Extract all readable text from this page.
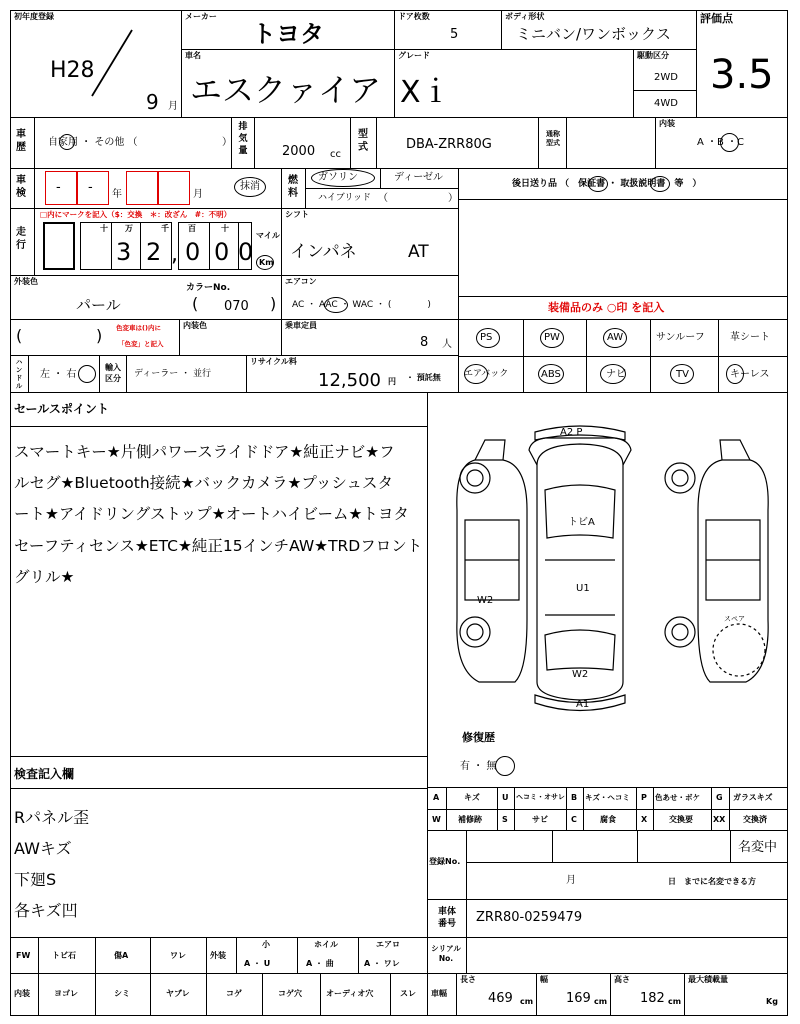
初年度登録
H28
9 月
メーカー
トヨタ
車名
エスクァイア
ドア枚数
5
ボディ形状
ミニバン/ワンボックス
グレード
Xｉ
駆動区分
2WD
4WD
評価点
3.5
車
歴 自家用 ・ その他 （	）
排
気
量	2000 cc
型
式	DBA-ZRR80G
通称
型式
内装
A ・B ・C
車
検 - - 年	月
抹消
燃
料
ガソリン	ディーゼル
ハイブリッド （　　　　　　）
後日送り品 （　保証書 ・ 取扱説明書　等　）
走
行
□内にマークを記入（$：交換　＊：改ざん　#：不明）
十 万	千 百	十
3 2 , 0 0 0
マイル
Km
シフト
インパネ	AT
外装色
パール
カラーNo.
( 070 )
エアコン
AC ・ AAC ・ WAC ・ (　　　　)	装備品のみ ○印 を記入
(	) 色変車は()内に
「色変」と記入
内装色	乗車定員
8 人
PS	PW	AW	サンルーフ	革シート
エアバック	ABS	ナビ	TV	キーレス
ハ
ン
ド
ル
左 ・ 右
輸入
区分	ディーラー ・ 並行
リサイクル料
12,500 円 ・ 預託無
セールスポイント
スマートキー★片側パワースライドドア★純正ナビ★フ
ルセグ★Bluetooth接続★バックカメラ★プッシュスタ
ート★アイドリングストップ★オートハイビーム★トヨタ
セーフティセンス★ETC★純正15インチAW★TRDフロント
グリル★
A2 P
トビA
U1
W2
W2
A1
スペア
修復歴
有 ・ 無
検査記入欄
Rパネル歪
AWキズ
下廻S
各キズ凹
A	キズ	U ヘコミ・オサレ B キズ・ヘコミ P 色あせ・ボケ G ガラスキズ
W 補修跡	S	サビ	C	腐食	X	交換要	XX 交換済
登録No.
名変中
月	日　までに名変できる方
車体
番号	ZRR80-0259479
FW	トビ石	傷A	ワレ	外装
小
A ・ U
ホイル
A ・ 曲
エアロ
A ・ ワレ
シリアル
No.
内装	ヨゴレ	シミ	ヤブレ	コゲ	コゲ穴	オーディオ穴	スレ 車幅
長さ
469 cm
幅
169 cm
高さ
182 cm
最大積載量
Kg
